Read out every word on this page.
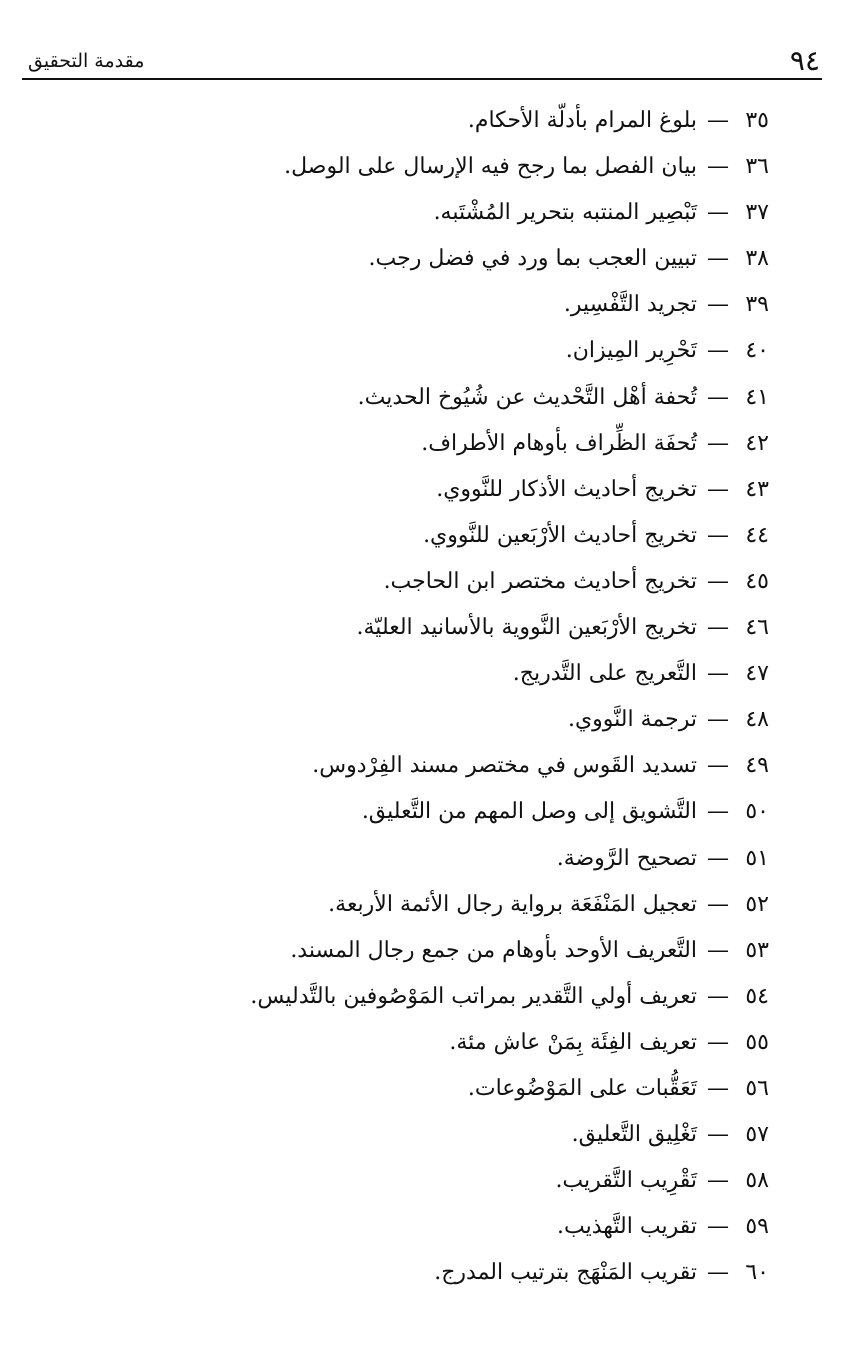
٩٤
مقدمة التحقيق
٣٥—بلوغ المرام بأدلّة الأحكام.
٣٦—بيان الفصل بما رجح فيه الإرسال على الوصل.
٣٧—تَبْصِير المنتبه بتحرير المُشْتَبه.
٣٨—تبيين العجب بما ورد في فضل رجب.
٣٩—تجريد التَّفْسِير.
٤٠—تَحْرِير المِيزان.
٤١—تُحفة أهْل التَّحْديث عن شُيُوخ الحديث.
٤٢—تُحفَة الظِّراف بأوهام الأطراف.
٤٣—تخريج أحاديث الأذكار للنَّووي.
٤٤—تخريج أحاديث الأرْبَعين للنَّووي.
٤٥—تخريج أحاديث مختصر ابن الحاجب.
٤٦—تخريج الأرْبَعين النَّووية بالأسانيد العليّة.
٤٧—التَّعريج على التَّدريج.
٤٨—ترجمة النَّووي.
٤٩—تسديد القَوس في مختصر مسند الفِرْدوس.
٥٠—التَّشويق إلى وصل المهم من التَّعليق.
٥١—تصحيح الرَّوضة.
٥٢—تعجيل المَنْفَعَة برواية رجال الأئمة الأربعة.
٥٣—التَّعريف الأوحد بأوهام من جمع رجال المسند.
٥٤—تعريف أولي التَّقدير بمراتب المَوْصُوفين بالتَّدليس.
٥٥—تعريف الفِئَة بِمَنْ عاش مئة.
٥٦—تَعَقُّبات على المَوْضُوعات.
٥٧—تَغْلِيق التَّعليق.
٥٨—تَقْرِيب التَّقريب.
٥٩—تقريب التَّهذيب.
٦٠—تقريب المَنْهَج بترتيب المدرج.
